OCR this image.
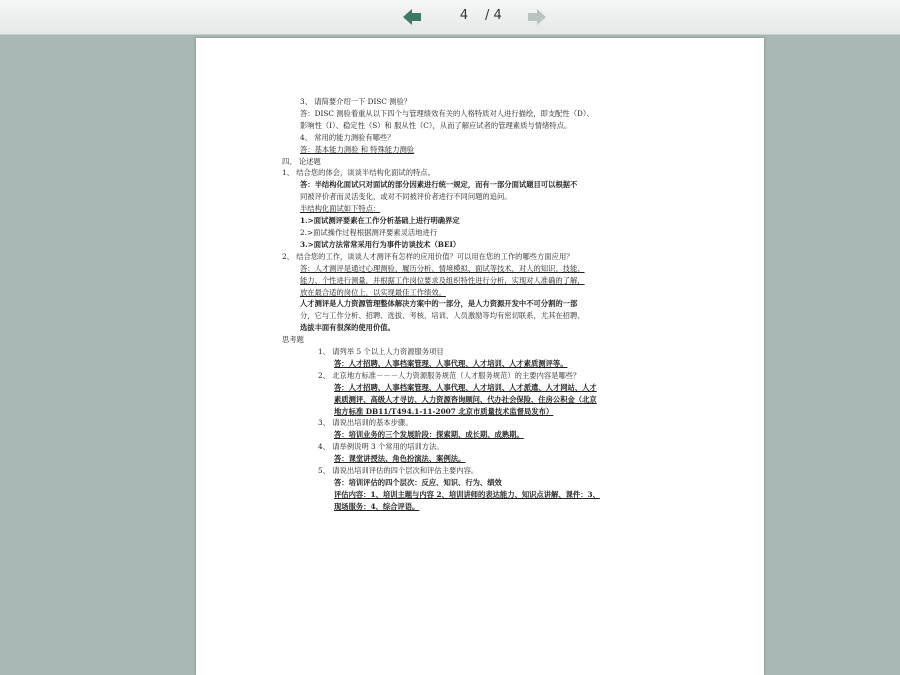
4	/ 4
3、 请简要介绍一下 DISC 测验？
答：DISC 测验着重从以下四个与管理绩效有关的人格特质对人进行描绘，即支配性（D）、
影响性（I）、稳定性（S）和 服从性（C），从而了解应试者的管理素质与情绪特点。
4、 常用的能力测验有哪些？
答：基本能力测验 和 特殊能力测验
四、 论述题
1、 结合您的体会，谈谈半结构化面试的特点。
答：半结构化面试只对面试的部分因素进行统一规定，而有一部分面试题目可以根据不
同被评价者而灵活变化，或对不同被评价者进行不同问题的追问。
半结构化面试如下特点：
1.>面试测评要素在工作分析基础上进行明确界定
2.>面试操作过程根据测评要素灵活地进行
3.>面试方法常常采用行为事件访谈技术（BEI）
2、 结合您的工作，谈谈人才测评有怎样的应用价值？可以用在您的工作的哪些方面应用？
答：人才测评是通过心理测验、履历分析、情境模拟、面试等技术，对人的知识、技能、
能力、个性进行测量，并根据工作岗位要求及组织特性进行分析，实现对人准确的了解，
放在最合适的岗位上，以实现最佳工作绩效。
人才测评是人力资源管理整体解决方案中的一部分，是人力资源开发中不可分割的一部
分，它与工作分析、招聘、选拔、考核、培训、人员激励等均有密切联系，尤其在招聘、
选拔丰面有很深的使用价值。
思考题
1、 请列举 5 个以上人力资源服务项目
答：人才招聘、人事档案管理、人事代理、人才培训、人才素质测评等。
2、 北京地方标准－－－人力资源服务规范（人才服务规范）的主要内容是哪些？
答：人才招聘、人事档案管理、人事代理、人才培训、人才派遣、人才网站、人才
素质测评、高级人才寻访、人力资源咨询顾问、代办社会保险、住房公积金（北京
地方标准 DB11/T494.1-11-2007 北京市质量技术监督局发布）
3、 请说出培训的基本步骤。
答：培训业务的三个发展阶段：探索期、成长期、成熟期。
4、 请举例说明 3 个常用的培训方法。
答：课堂讲授法、角色扮演法、案例法。
5、 请说出培训评估的四个层次和评估主要内容。
答：培训评估的四个层次：反应、知识、行为、绩效
评估内容：1、培训主题与内容 2、培训讲师的表达能力、知识点讲解、课件：3、
现场服务：4、综合评语。
